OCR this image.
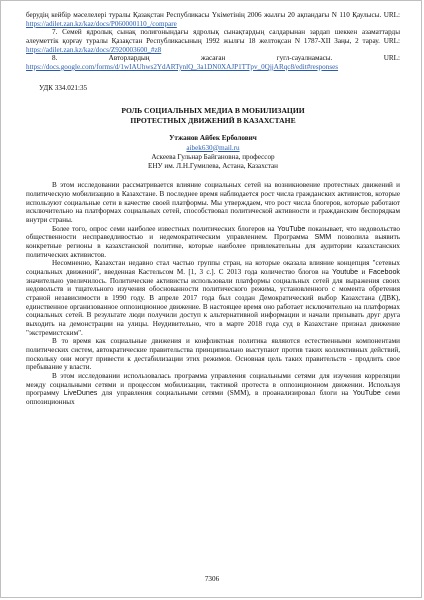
берудің кейбір мәселелері туралы Қазақстан Республикасы Үкіметінің 2006 жылғы 20 ақпандағы N 110 Қаулысы. URL: https://adilet.zan.kz/kaz/docs/P060000110_/compare

7. Семей ядролық сынақ полигонындағы ядролық сынақтардың салдарынан зардап шеккен азаматтарды әлеуметтік қорғау туралы Қазақстан Республикасының 1992 жылғы 18 желтоқсан N 1787-XII Заңы, 2 тарау. URL: https://adilet.zan.kz/kaz/docs/Z920003600_#z8

8. Авторлардың жасаған гугл-сауалнамасы. URL: https://docs.google.com/forms/d/1wIAUhws2YdARTynlQ_3a1DN0XAJP1TTpv_0QjjARqc8/edit#responses

УДК 334.021:35
РОЛЬ СОЦИАЛЬНЫХ МЕДИА В МОБИЛИЗАЦИИ
ПРОТЕСТНЫХ ДВИЖЕНИЙ В КАЗАХСТАНЕ
Утжанов Айбек Ерболович
aibek630@mail.ru
Аскеева Гульнар Байгановна, профессор
ЕНУ им. Л.Н.Гумилева, Астана, Казахстан

В этом исследовании рассматривается влияние социальных сетей на возникновение протестных движений и политическую мобилизацию в Казахстане. В последнее время наблюдается рост числа гражданских активистов, которые используют социальные сети в качестве своей платформы. Мы утверждаем, что рост числа блогеров, которые работают исключительно на платформах социальных сетей, способствовал политической активности и гражданским беспорядкам внутри страны.

Более того, опрос семи наиболее известных политических блогеров на YouTube показывает, что недовольство общественности несправедливостью и недемократическим управлением. Программа SMM позволила выявить конкретные регионы в казахстанской политике, которые наиболее привлекательны для аудитории казахстанских политических активистов.

Несомненно, Казахстан недавно стал частью группы стран, на которые оказала влияние концепция "сетевых социальных движений", введенная Кастельсом М. [1, 3 с.]. С 2013 года количество блогов на Youtube и Facebook значительно увеличилось. Политические активисты использовали платформы социальных сетей для выражения своих недовольств и тщательного изучения обоснованности политического режима, установленного с момента обретения страной независимости в 1990 году. В апреле 2017 года был создан Демократический выбор Казахстана (ДВК), единственное организованное оппозиционное движение. В настоящее время оно работает исключительно на платформах социальных сетей. В результате люди получили доступ к альтернативной информации и начали призывать друг друга выходить на демонстрации на улицы. Неудивительно, что в марте 2018 года суд в Казахстане признал движение "экстремистским".

В то время как социальные движения и конфликтная политика являются естественными компонентами политических систем, автократические правительства принципиально выступают против таких коллективных действий, поскольку они могут привести к дестабилизации этих режимов. Основная цель таких правительств - продлить свое пребывание у власти.

В этом исследовании использовалась программа управления социальными сетями для изучения корреляции между социальными сетями и процессом мобилизации, тактикой протеста в оппозиционном движении. Используя программу LiveDunes для управления социальными сетями (SMM), в проанализировал блоги на YouTube семи оппозиционных

7306
